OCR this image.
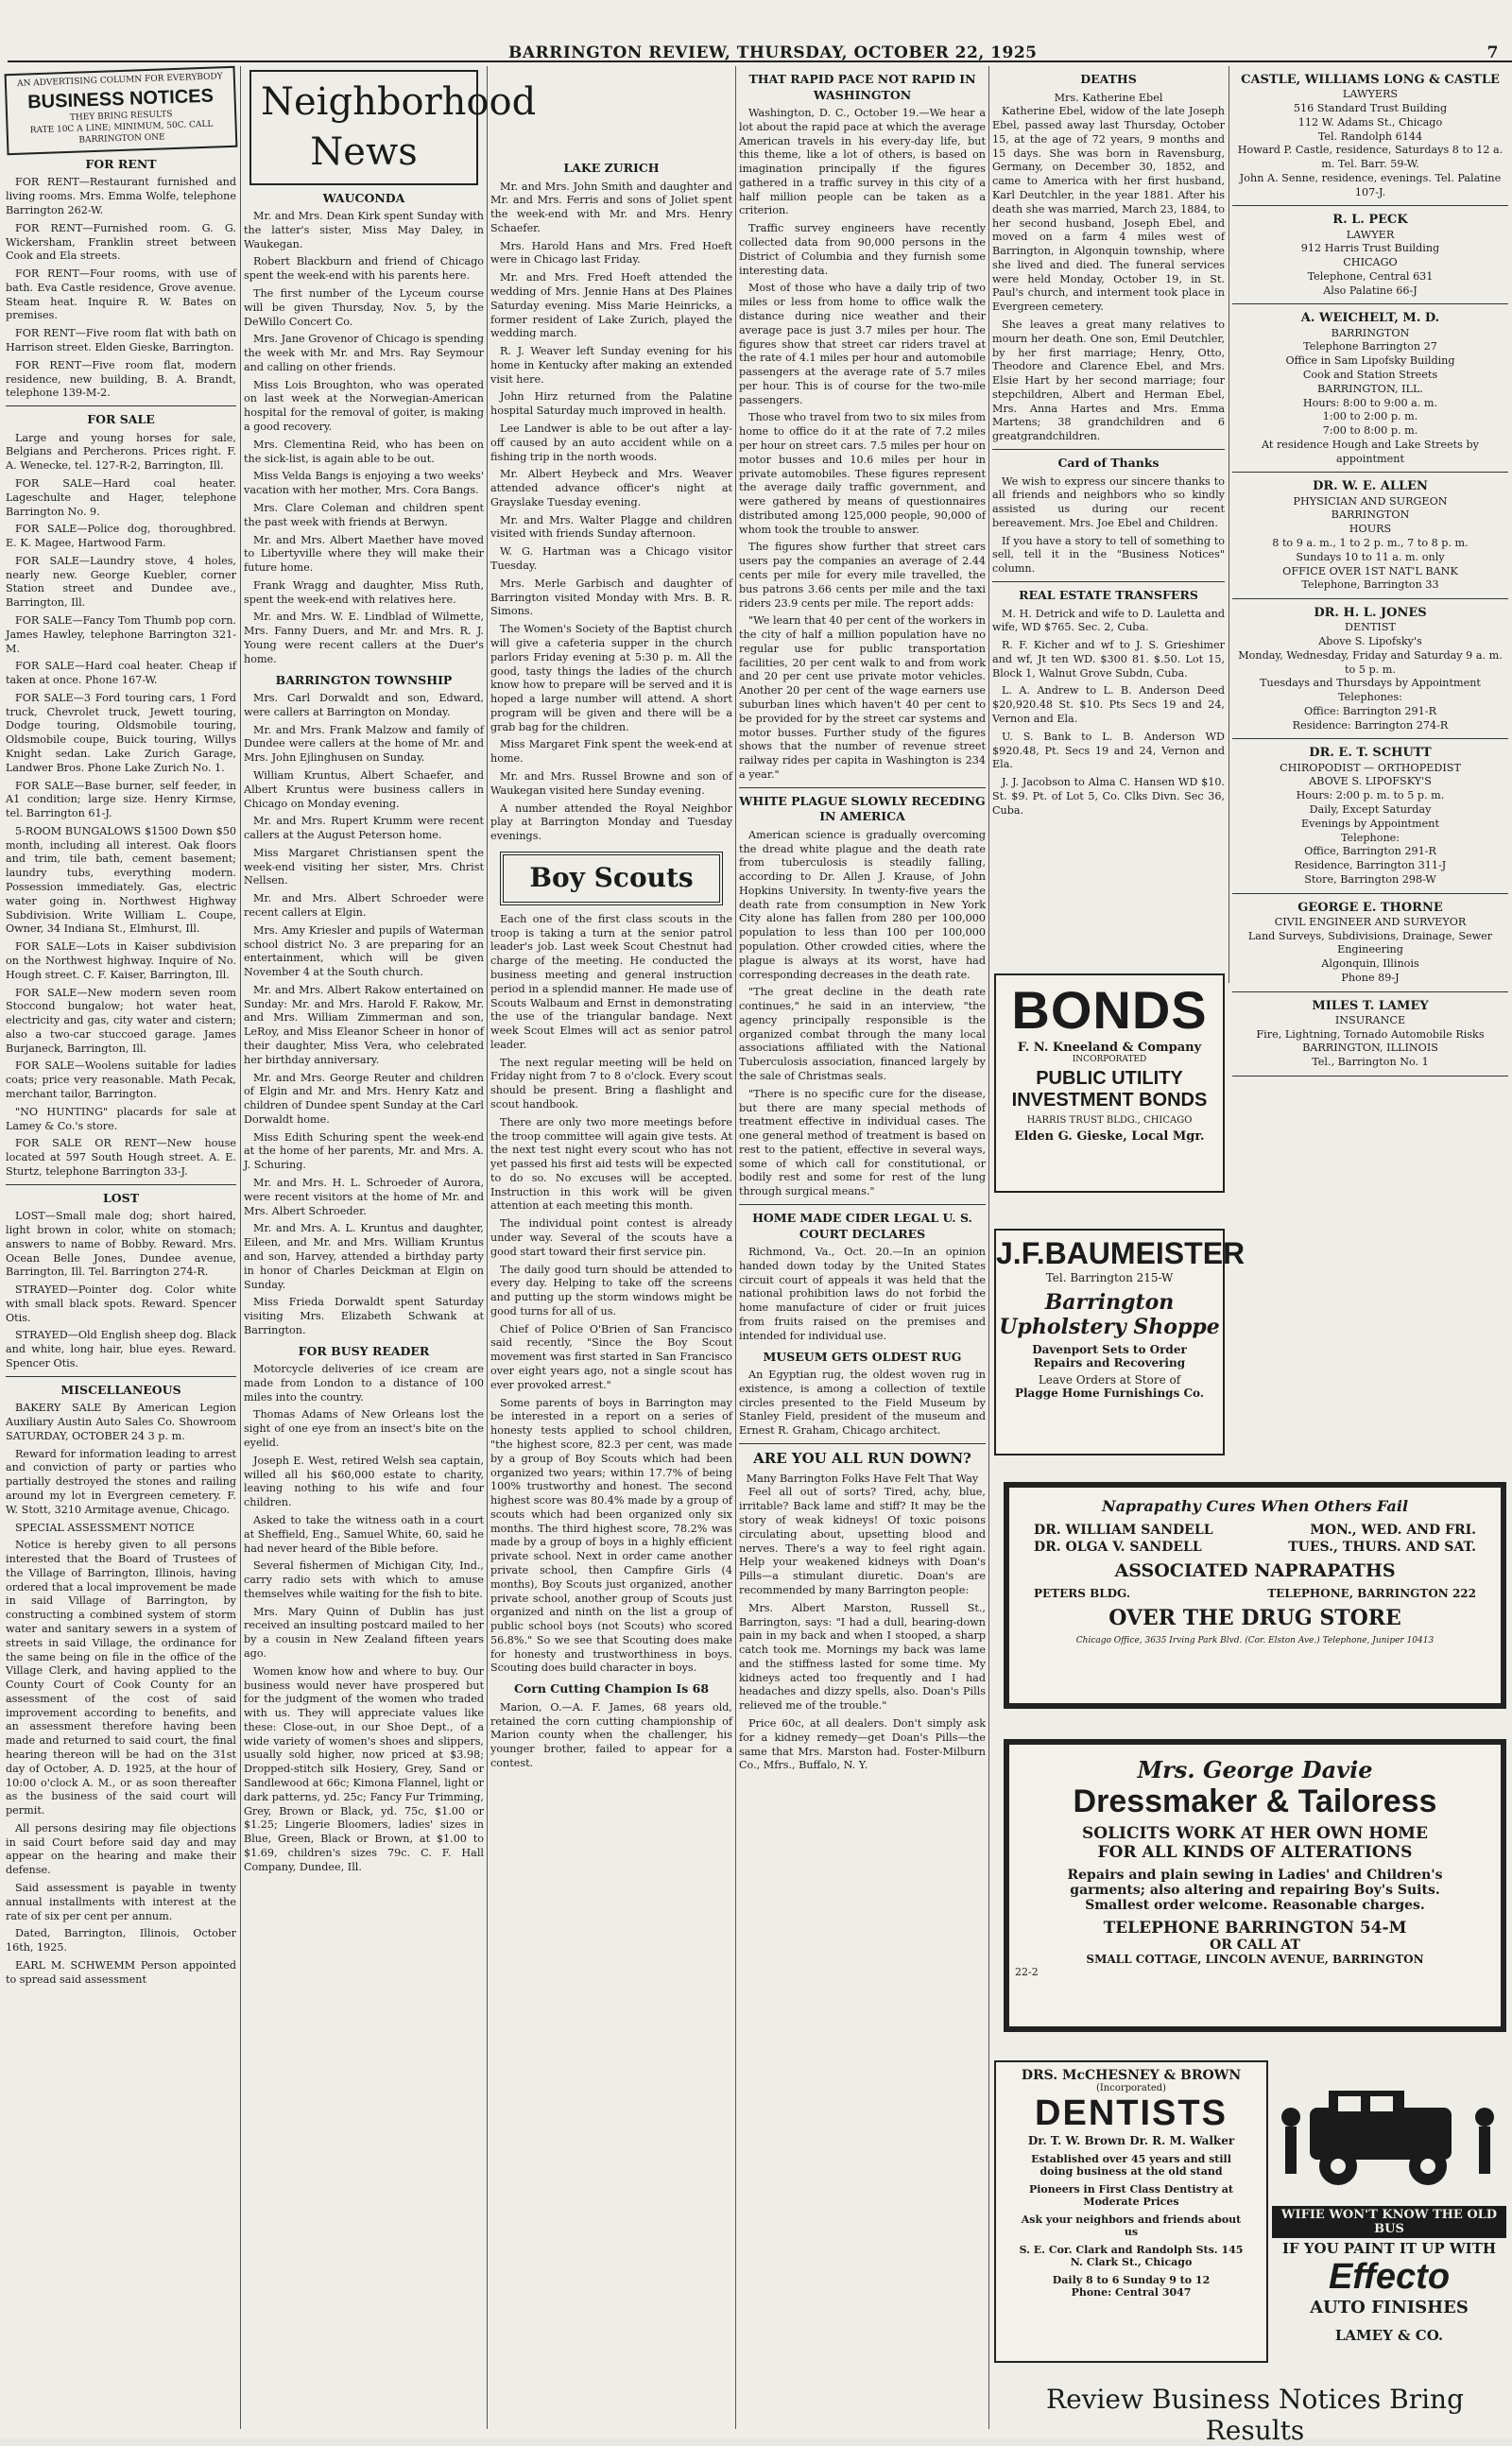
BARRINGTON REVIEW, THURSDAY, OCTOBER 22, 1925	7
AN ADVERTISING COLUMN FOR EVERYBODY
BUSINESS NOTICES
THEY BRING RESULTS
RATE 10C A LINE; MINIMUM, 50C. CALL BARRINGTON ONE
FOR RENT

FOR RENT—Restaurant furnished and living rooms. Mrs. Emma Wolfe, telephone Barrington 262-W.

FOR RENT—Furnished room. G. G. Wickersham, Franklin street between Cook and Ela streets.

FOR RENT—Four rooms, with use of bath. Eva Castle residence, Grove avenue. Steam heat. Inquire R. W. Bates on premises.

FOR RENT—Five room flat with bath on Harrison street. Elden Gieske, Barrington.

FOR RENT—Five room flat, modern residence, new building, B. A. Brandt, telephone 139-M-2.

FOR SALE

Large and young horses for sale, Belgians and Percherons. Prices right. F. A. Wenecke, tel. 127-R-2, Barrington, Ill.

FOR SALE—Hard coal heater. Lageschulte and Hager, telephone Barrington No. 9.

FOR SALE—Police dog, thoroughbred. E. K. Magee, Hartwood Farm.

FOR SALE—Laundry stove, 4 holes, nearly new. George Kuebler, corner Station street and Dundee ave., Barrington, Ill.

FOR SALE—Fancy Tom Thumb pop corn. James Hawley, telephone Barrington 321-M.

FOR SALE—Hard coal heater. Cheap if taken at once. Phone 167-W.

FOR SALE—3 Ford touring cars, 1 Ford truck, Chevrolet truck, Jewett touring, Dodge touring, Oldsmobile touring, Oldsmobile coupe, Buick touring, Willys Knight sedan. Lake Zurich Garage, Landwer Bros. Phone Lake Zurich No. 1.

FOR SALE—Base burner, self feeder, in A1 condition; large size. Henry Kirmse, tel. Barrington 61-J.

5-ROOM BUNGALOWS $1500 Down $50 month, including all interest. Oak floors and trim, tile bath, cement basement; laundry tubs, everything modern. Possession immediately. Gas, electric water going in. Northwest Highway Subdivision. Write William L. Coupe, Owner, 34 Indiana St., Elmhurst, Ill.

FOR SALE—Lots in Kaiser subdivision on the Northwest highway. Inquire of No. Hough street. C. F. Kaiser, Barrington, Ill.

FOR SALE—New modern seven room Stoccond bungalow; hot water heat, electricity and gas, city water and cistern; also a two-car stuccoed garage. James Burjaneck, Barrington, Ill.

FOR SALE—Woolens suitable for ladies coats; price very reasonable. Math Pecak, merchant tailor, Barrington.

"NO HUNTING" placards for sale at Lamey & Co.'s store.

FOR SALE OR RENT—New house located at 597 South Hough street. A. E. Sturtz, telephone Barrington 33-J.

LOST

LOST—Small male dog; short haired, light brown in color, white on stomach; answers to name of Bobby. Reward. Mrs. Ocean Belle Jones, Dundee avenue, Barrington, Ill. Tel. Barrington 274-R.

STRAYED—Pointer dog. Color white with small black spots. Reward. Spencer Otis.

STRAYED—Old English sheep dog. Black and white, long hair, blue eyes. Reward. Spencer Otis.

MISCELLANEOUS

BAKERY SALE By American Legion Auxiliary Austin Auto Sales Co. Showroom SATURDAY, OCTOBER 24 3 p. m.

Reward for information leading to arrest and conviction of party or parties who partially destroyed the stones and railing around my lot in Evergreen cemetery. F. W. Stott, 3210 Armitage avenue, Chicago.

SPECIAL ASSESSMENT NOTICE

Notice is hereby given to all persons interested that the Board of Trustees of the Village of Barrington, Illinois, having ordered that a local improvement be made in said Village of Barrington, by constructing a combined system of storm water and sanitary sewers in a system of streets in said Village, the ordinance for the same being on file in the office of the Village Clerk, and having applied to the County Court of Cook County for an assessment of the cost of said improvement according to benefits, and an assessment therefore having been made and returned to said court, the final hearing thereon will be had on the 31st day of October, A. D. 1925, at the hour of 10:00 o'clock A. M., or as soon thereafter as the business of the said court will permit.

All persons desiring may file objections in said Court before said day and may appear on the hearing and make their defense.

Said assessment is payable in twenty annual installments with interest at the rate of six per cent per annum.

Dated, Barrington, Illinois, October 16th, 1925.

EARL M. SCHWEMM Person appointed to spread said assessment

Neighborhood News
WAUCONDA

Mr. and Mrs. Dean Kirk spent Sunday with the latter's sister, Miss May Daley, in Waukegan.

Robert Blackburn and friend of Chicago spent the week-end with his parents here.

The first number of the Lyceum course will be given Thursday, Nov. 5, by the DeWillo Concert Co.

Mrs. Jane Grovenor of Chicago is spending the week with Mr. and Mrs. Ray Seymour and calling on other friends.

Miss Lois Broughton, who was operated on last week at the Norwegian-American hospital for the removal of goiter, is making a good recovery.

Mrs. Clementina Reid, who has been on the sick-list, is again able to be out.

Miss Velda Bangs is enjoying a two weeks' vacation with her mother, Mrs. Cora Bangs.

Mrs. Clare Coleman and children spent the past week with friends at Berwyn.

Mr. and Mrs. Albert Maether have moved to Libertyville where they will make their future home.

Frank Wragg and daughter, Miss Ruth, spent the week-end with relatives here.

Mr. and Mrs. W. E. Lindblad of Wilmette, Mrs. Fanny Duers, and Mr. and Mrs. R. J. Young were recent callers at the Duer's home.

BARRINGTON TOWNSHIP

Mrs. Carl Dorwaldt and son, Edward, were callers at Barrington on Monday.

Mr. and Mrs. Frank Malzow and family of Dundee were callers at the home of Mr. and Mrs. John Ejlinghusen on Sunday.

William Kruntus, Albert Schaefer, and Albert Kruntus were business callers in Chicago on Monday evening.

Mr. and Mrs. Rupert Krumm were recent callers at the August Peterson home.

Miss Margaret Christiansen spent the week-end visiting her sister, Mrs. Christ Nellsen.

Mr. and Mrs. Albert Schroeder were recent callers at Elgin.

Mrs. Amy Kriesler and pupils of Waterman school district No. 3 are preparing for an entertainment, which will be given November 4 at the South church.

Mr. and Mrs. Albert Rakow entertained on Sunday: Mr. and Mrs. Harold F. Rakow, Mr. and Mrs. William Zimmerman and son, LeRoy, and Miss Eleanor Scheer in honor of their daughter, Miss Vera, who celebrated her birthday anniversary.

Mr. and Mrs. George Reuter and children of Elgin and Mr. and Mrs. Henry Katz and children of Dundee spent Sunday at the Carl Dorwaldt home.

Miss Edith Schuring spent the week-end at the home of her parents, Mr. and Mrs. A. J. Schuring.

Mr. and Mrs. H. L. Schroeder of Aurora, were recent visitors at the home of Mr. and Mrs. Albert Schroeder.

Mr. and Mrs. A. L. Kruntus and daughter, Eileen, and Mr. and Mrs. William Kruntus and son, Harvey, attended a birthday party in honor of Charles Deickman at Elgin on Sunday.

Miss Frieda Dorwaldt spent Saturday visiting Mrs. Elizabeth Schwank at Barrington.

FOR BUSY READER

Motorcycle deliveries of ice cream are made from London to a distance of 100 miles into the country.

Thomas Adams of New Orleans lost the sight of one eye from an insect's bite on the eyelid.

Joseph E. West, retired Welsh sea captain, willed all his $60,000 estate to charity, leaving nothing to his wife and four children.

Asked to take the witness oath in a court at Sheffield, Eng., Samuel White, 60, said he had never heard of the Bible before.

Several fishermen of Michigan City, Ind., carry radio sets with which to amuse themselves while waiting for the fish to bite.

Mrs. Mary Quinn of Dublin has just received an insulting postcard mailed to her by a cousin in New Zealand fifteen years ago.

Women know how and where to buy. Our business would never have prospered but for the judgment of the women who traded with us. They will appreciate values like these: Close-out, in our Shoe Dept., of a wide variety of women's shoes and slippers, usually sold higher, now priced at $3.98; Dropped-stitch silk Hosiery, Grey, Sand or Sandlewood at 66c; Kimona Flannel, light or dark patterns, yd. 25c; Fancy Fur Trimming, Grey, Brown or Black, yd. 75c, $1.00 or $1.25; Lingerie Bloomers, ladies' sizes in Blue, Green, Black or Brown, at $1.00 to $1.69, children's sizes 79c. C. F. Hall Company, Dundee, Ill.

LAKE ZURICH

Mr. and Mrs. John Smith and daughter and Mr. and Mrs. Ferris and sons of Joliet spent the week-end with Mr. and Mrs. Henry Schaefer.

Mrs. Harold Hans and Mrs. Fred Hoeft were in Chicago last Friday.

Mr. and Mrs. Fred Hoeft attended the wedding of Mrs. Jennie Hans at Des Plaines Saturday evening. Miss Marie Heinricks, a former resident of Lake Zurich, played the wedding march.

R. J. Weaver left Sunday evening for his home in Kentucky after making an extended visit here.

John Hirz returned from the Palatine hospital Saturday much improved in health.

Lee Landwer is able to be out after a lay-off caused by an auto accident while on a fishing trip in the north woods.

Mr. Albert Heybeck and Mrs. Weaver attended advance officer's night at Grayslake Tuesday evening.

Mr. and Mrs. Walter Plagge and children visited with friends Sunday afternoon.

W. G. Hartman was a Chicago visitor Tuesday.

Mrs. Merle Garbisch and daughter of Barrington visited Monday with Mrs. B. R. Simons.

The Women's Society of the Baptist church will give a cafeteria supper in the church parlors Friday evening at 5:30 p. m. All the good, tasty things the ladies of the church know how to prepare will be served and it is hoped a large number will attend. A short program will be given and there will be a grab bag for the children.

Miss Margaret Fink spent the week-end at home.

Mr. and Mrs. Russel Browne and son of Waukegan visited here Sunday evening.

A number attended the Royal Neighbor play at Barrington Monday and Tuesday evenings.

Boy Scouts

Each one of the first class scouts in the troop is taking a turn at the senior patrol leader's job. Last week Scout Chestnut had charge of the meeting. He conducted the business meeting and general instruction period in a splendid manner. He made use of Scouts Walbaum and Ernst in demonstrating the use of the triangular bandage. Next week Scout Elmes will act as senior patrol leader.

The next regular meeting will be held on Friday night from 7 to 8 o'clock. Every scout should be present. Bring a flashlight and scout handbook.

There are only two more meetings before the troop committee will again give tests. At the next test night every scout who has not yet passed his first aid tests will be expected to do so. No excuses will be accepted. Instruction in this work will be given attention at each meeting this month.

The individual point contest is already under way. Several of the scouts have a good start toward their first service pin.

The daily good turn should be attended to every day. Helping to take off the screens and putting up the storm windows might be good turns for all of us.

Chief of Police O'Brien of San Francisco said recently, "Since the Boy Scout movement was first started in San Francisco over eight years ago, not a single scout has ever provoked arrest."

Some parents of boys in Barrington may be interested in a report on a series of honesty tests applied to school children, "the highest score, 82.3 per cent, was made by a group of Boy Scouts which had been organized two years; within 17.7% of being 100% trustworthy and honest. The second highest score was 80.4% made by a group of scouts which had been organized only six months. The third highest score, 78.2% was made by a group of boys in a highly efficient private school. Next in order came another private school, then Campfire Girls (4 months), Boy Scouts just organized, another private school, another group of Scouts just organized and ninth on the list a group of public school boys (not Scouts) who scored 56.8%." So we see that Scouting does make for honesty and trustworthiness in boys. Scouting does build character in boys.

Corn Cutting Champion Is 68

Marion, O.—A. F. James, 68 years old, retained the corn cutting championship of Marion county when the challenger, his younger brother, failed to appear for a contest.

THAT RAPID PACE NOT RAPID IN WASHINGTON

Washington, D. C., October 19.—We hear a lot about the rapid pace at which the average American travels in his every-day life, but this theme, like a lot of others, is based on imagination principally if the figures gathered in a traffic survey in this city of a half million people can be taken as a criterion.

Traffic survey engineers have recently collected data from 90,000 persons in the District of Columbia and they furnish some interesting data.

Most of those who have a daily trip of two miles or less from home to office walk the distance during nice weather and their average pace is just 3.7 miles per hour. The figures show that street car riders travel at the rate of 4.1 miles per hour and automobile passengers at the average rate of 5.7 miles per hour. This is of course for the two-mile passengers.

Those who travel from two to six miles from home to office do it at the rate of 7.2 miles per hour on street cars. 7.5 miles per hour on motor busses and 10.6 miles per hour in private automobiles. These figures represent the average daily traffic government, and were gathered by means of questionnaires distributed among 125,000 people, 90,000 of whom took the trouble to answer.

The figures show further that street cars users pay the companies an average of 2.44 cents per mile for every mile travelled, the bus patrons 3.66 cents per mile and the taxi riders 23.9 cents per mile. The report adds:

"We learn that 40 per cent of the workers in the city of half a million population have no regular use for public transportation facilities, 20 per cent walk to and from work and 20 per cent use private motor vehicles. Another 20 per cent of the wage earners use suburban lines which haven't 40 per cent to be provided for by the street car systems and motor busses. Further study of the figures shows that the number of revenue street railway rides per capita in Washington is 234 a year."

WHITE PLAGUE SLOWLY RECEDING IN AMERICA

American science is gradually overcoming the dread white plague and the death rate from tuberculosis is steadily falling, according to Dr. Allen J. Krause, of John Hopkins University. In twenty-five years the death rate from consumption in New York City alone has fallen from 280 per 100,000 population to less than 100 per 100,000 population. Other crowded cities, where the plague is always at its worst, have had corresponding decreases in the death rate.

"The great decline in the death rate continues," he said in an interview, "the agency principally responsible is the organized combat through the many local associations affiliated with the National Tuberculosis association, financed largely by the sale of Christmas seals.

"There is no specific cure for the disease, but there are many special methods of treatment effective in individual cases. The one general method of treatment is based on rest to the patient, effective in several ways, some of which call for constitutional, or bodily rest and some for rest of the lung through surgical means."

HOME MADE CIDER LEGAL U. S. COURT DECLARES

Richmond, Va., Oct. 20.—In an opinion handed down today by the United States circuit court of appeals it was held that the national prohibition laws do not forbid the home manufacture of cider or fruit juices from fruits raised on the premises and intended for individual use.

MUSEUM GETS OLDEST RUG

An Egyptian rug, the oldest woven rug in existence, is among a collection of textile circles presented to the Field Museum by Stanley Field, president of the museum and Ernest R. Graham, Chicago architect.

ARE YOU ALL RUN DOWN?
Many Barrington Folks Have Felt That Way

Feel all out of sorts? Tired, achy, blue, irritable? Back lame and stiff? It may be the story of weak kidneys! Of toxic poisons circulating about, upsetting blood and nerves. There's a way to feel right again. Help your weakened kidneys with Doan's Pills—a stimulant diuretic. Doan's are recommended by many Barrington people:

Mrs. Albert Marston, Russell St., Barrington, says: "I had a dull, bearing-down pain in my back and when I stooped, a sharp catch took me. Mornings my back was lame and the stiffness lasted for some time. My kidneys acted too frequently and I had headaches and dizzy spells, also. Doan's Pills relieved me of the trouble."

Price 60c, at all dealers. Don't simply ask for a kidney remedy—get Doan's Pills—the same that Mrs. Marston had. Foster-Milburn Co., Mfrs., Buffalo, N. Y.

DEATHS
Mrs. Katherine Ebel

Katherine Ebel, widow of the late Joseph Ebel, passed away last Thursday, October 15, at the age of 72 years, 9 months and 15 days. She was born in Ravensburg, Germany, on December 30, 1852, and came to America with her first husband, Karl Deutchler, in the year 1881. After his death she was married, March 23, 1884, to her second husband, Joseph Ebel, and moved on a farm 4 miles west of Barrington, in Algonquin township, where she lived and died. The funeral services were held Monday, October 19, in St. Paul's church, and interment took place in Evergreen cemetery.

She leaves a great many relatives to mourn her death. One son, Emil Deutchler, by her first marriage; Henry, Otto, Theodore and Clarence Ebel, and Mrs. Elsie Hart by her second marriage; four stepchildren, Albert and Herman Ebel, Mrs. Anna Hartes and Mrs. Emma Martens; 38 grandchildren and 6 greatgrandchildren.

Card of Thanks

We wish to express our sincere thanks to all friends and neighbors who so kindly assisted us during our recent bereavement. Mrs. Joe Ebel and Children.

If you have a story to tell of something to sell, tell it in the "Business Notices" column.

REAL ESTATE TRANSFERS

M. H. Detrick and wife to D. Lauletta and wife, WD $765. Sec. 2, Cuba.

R. F. Kicher and wf to J. S. Grieshimer and wf, Jt ten WD. $300 81. $.50. Lot 15, Block 1, Walnut Grove Subdn, Cuba.

L. A. Andrew to L. B. Anderson Deed $20,920.48 St. $10. Pts Secs 19 and 24, Vernon and Ela.

U. S. Bank to L. B. Anderson WD $920.48, Pt. Secs 19 and 24, Vernon and Ela.

J. J. Jacobson to Alma C. Hansen WD $10. St. $9. Pt. of Lot 5, Co. Clks Divn. Sec 36, Cuba.

CASTLE, WILLIAMS LONG & CASTLE
LAWYERS
516 Standard Trust Building
112 W. Adams St., Chicago
Tel. Randolph 6144
Howard P. Castle, residence, Saturdays 8 to 12 a. m. Tel. Barr. 59-W.
John A. Senne, residence, evenings. Tel. Palatine 107-J.
R. L. PECK
LAWYER
912 Harris Trust Building
CHICAGO
Telephone, Central 631
Also Palatine 66-J
A. WEICHELT, M. D.
BARRINGTON
Telephone Barrington 27
Office in Sam Lipofsky Building
Cook and Station Streets
BARRINGTON, ILL.
Hours: 8:00 to 9:00 a. m.
1:00 to 2:00 p. m.
7:00 to 8:00 p. m.
At residence Hough and Lake Streets by appointment
DR. W. E. ALLEN
PHYSICIAN AND SURGEON
BARRINGTON
HOURS
8 to 9 a. m., 1 to 2 p. m., 7 to 8 p. m.
Sundays 10 to 11 a. m. only
OFFICE OVER 1ST NAT'L BANK
Telephone, Barrington 33
DR. H. L. JONES
DENTIST
Above S. Lipofsky's
Monday, Wednesday, Friday and Saturday 9 a. m. to 5 p. m.
Tuesdays and Thursdays by Appointment
Telephones:
Office: Barrington 291-R
Residence: Barrington 274-R
DR. E. T. SCHUTT
CHIROPODIST — ORTHOPEDIST
ABOVE S. LIPOFSKY'S
Hours: 2:00 p. m. to 5 p. m.
Daily, Except Saturday
Evenings by Appointment
Telephone:
Office, Barrington 291-R
Residence, Barrington 311-J
Store, Barrington 298-W
GEORGE E. THORNE
CIVIL ENGINEER AND SURVEYOR
Land Surveys, Subdivisions, Drainage, Sewer Engineering
Algonquin, Illinois
Phone 89-J
MILES T. LAMEY
INSURANCE
Fire, Lightning, Tornado Automobile Risks
BARRINGTON, ILLINOIS
Tel., Barrington No. 1
BONDS
F. N. Kneeland & Company
INCORPORATED
PUBLIC UTILITY
INVESTMENT BONDS
HARRIS TRUST BLDG., CHICAGO
Elden G. Gieske, Local Mgr.
J.F.BAUMEISTER
Tel. Barrington 215-W
Barrington
Upholstery Shoppe
Davenport Sets to Order
Repairs and Recovering
Leave Orders at Store of
Plagge Home Furnishings Co.
Naprapathy Cures When Others Fail
DR. WILLIAM SANDELL	MON., WED. AND FRI.
DR. OLGA V. SANDELL	TUES., THURS. AND SAT.
ASSOCIATED NAPRAPATHS
PETERS BLDG.	TELEPHONE, BARRINGTON 222
OVER THE DRUG STORE
Chicago Office, 3635 Irving Park Blvd. (Cor. Elston Ave.) Telephone, Juniper 10413
Mrs. George Davie
Dressmaker & Tailoress
SOLICITS WORK AT HER OWN HOME
FOR ALL KINDS OF ALTERATIONS
Repairs and plain sewing in Ladies' and Children's garments; also altering and repairing Boy's Suits. Smallest order welcome. Reasonable charges.
TELEPHONE BARRINGTON 54-M
OR CALL AT
SMALL COTTAGE, LINCOLN AVENUE, BARRINGTON
22-2
DRS. McCHESNEY & BROWN
(Incorporated)
DENTISTS
Dr. T. W. Brown Dr. R. M. Walker
Established over 45 years and still doing business at the old stand
Pioneers in First Class Dentistry at Moderate Prices
Ask your neighbors and friends about us
S. E. Cor. Clark and Randolph Sts. 145 N. Clark St., Chicago
Daily 8 to 6 Sunday 9 to 12
Phone: Central 3047
WIFIE WON'T KNOW THE OLD BUS
IF YOU PAINT IT UP WITH
Effecto
AUTO FINISHES
LAMEY & CO.
Review Business Notices Bring Results
